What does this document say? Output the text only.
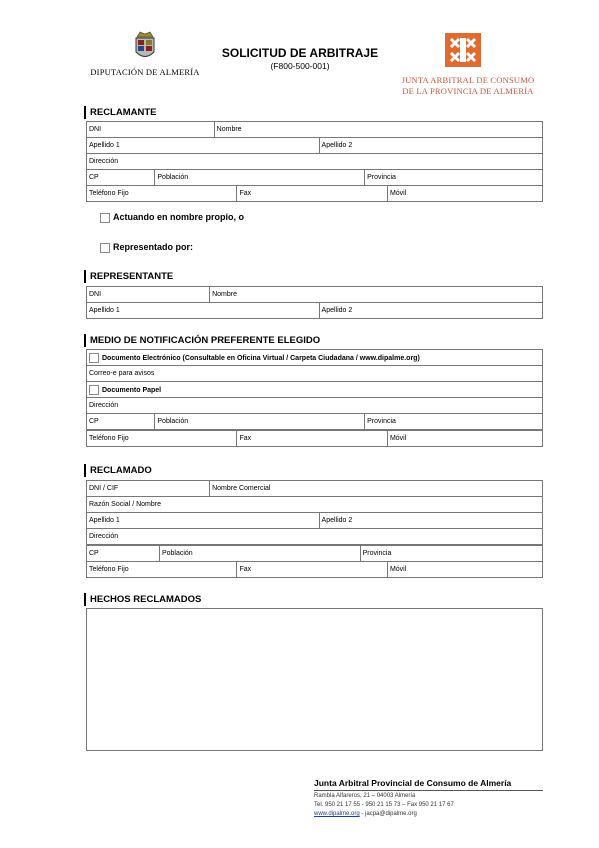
DIPUTACIÓN DE ALMERÍA
SOLICITUD DE ARBITRAJE
(F800-500-001)
JUNTA ARBITRAL DE CONSUMO
DE LA PROVINCIA DE ALMERÍA
RECLAMANTE
DNI	Nombre	
Apellido 1		Apellido 2
Dirección		
CP	Población	Provincia
Teléfono Fijo	Fax	Móvil
Actuando en nombre propio, o
Representado por:
REPRESENTANTE
DNI	Nombre	
Apellido 1		Apellido 2
MEDIO DE NOTIFICACIÓN PREFERENTE ELEGIDO
Documento Electrónico (Consultable en Oficina Virtual / Carpeta Ciudadana / www.dipalme.org)
Correo-e para avisos
Documento Papel
Dirección
CP	Población	Provincia
Teléfono Fijo	Fax	Móvil
RECLAMADO
DNI / CIF	Nombre Comercial	
Razón Social / Nombre		
Apellido 1		Apellido 2
Dirección		
CP	Población	Provincia
Teléfono Fijo	Fax	Móvil
HECHOS RECLAMADOS
Junta Arbitral Provincial de Consumo de Almería
Rambla Alfareros, 21 – 04003 Almería
Tel. 950 21 17 55 - 950 21 15 73 – Fax 950 21 17 67
www.dipalme.org - jacpa@dipalme.org
